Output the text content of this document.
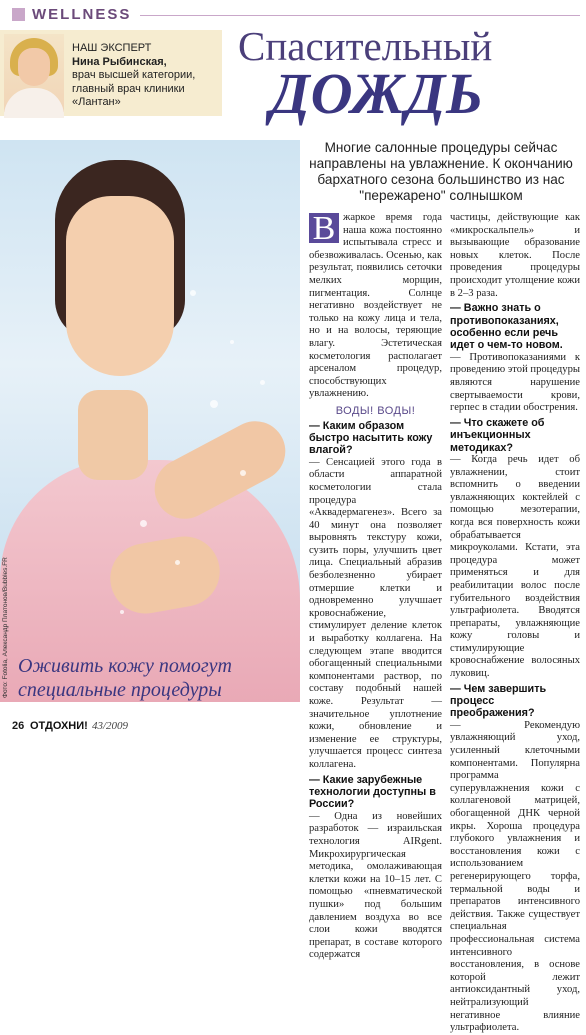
WELLNESS
НАШ ЭКСПЕРТ
Нина Рыбинская,
врач высшей категории, главный врач клиники «Лантан»
Спасительный
ДОЖДЬ
Многие салонные процедуры сейчас направлены на увлажнение. К окончанию бархатного сезона большинство из нас "пережарено" солнышком
Фото: Fotolia, Александр Платонов/Bubbles.FR Оживить кожу помогут специальные процедуры
В жаркое время года наша кожа постоянно испытывала стресс и обезвоживалась. Осенью, как результат, появились сеточки мелких морщин, пигментация. Солнце негативно воздействует не только на кожу лица и тела, но и на волосы, теряющие влагу. Эстетическая косметология располагает арсеналом процедур, способствующих увлажнению.

ВОДЫ! ВОДЫ!
— Каким образом быстро насытить кожу влагой?

— Сенсацией этого года в области аппаратной косметологии стала процедура «Аквадермагенез». Всего за 40 минут она позволяет выровнять текстуру кожи, сузить поры, улучшить цвет лица. Специальный абразив безболезненно убирает отмершие клетки и одновременно улучшает кровоснабжение, стимулирует деление клеток и выработку коллагена. На следующем этапе вводится обогащенный специальными компонентами раствор, по составу подобный нашей коже. Результат — значительное уплотнение кожи, обновление и изменение ее структуры, улучшается процесс синтеза коллагена.

— Какие зарубежные технологии доступны в России?

— Одна из новейших разработок — израильская технология AIRgent. Микрохирургическая методика, омолаживающая клетки кожи на 10–15 лет. С помощью «пневматической пушки» под большим давлением воздуха во все слои кожи вводятся препарат, в составе которого содержатся

частицы, действующие как «микроскальпель» и вызывающие образование новых клеток. После проведения процедуры происходит утолщение кожи в 2–3 раза.

— Важно знать о противопоказаниях, особенно если речь идет о чем-то новом.

— Противопоказаниями к проведению этой процедуры являются нарушение свертываемости крови, герпес в стадии обострения.

— Что скажете об инъекционных методиках?

— Когда речь идет об увлажнении, стоит вспомнить о введении увлажняющих коктейлей с помощью мезотерапии, когда вся поверхность кожи обрабатывается микроуколами. Кстати, эта процедура может применяться и для реабилитации волос после губительного воздействия ультрафиолета. Вводятся препараты, увлажняющие кожу головы и стимулирующие кровоснабжение волосяных луковиц.

— Чем завершить процесс преображения?

— Рекомендую увлажняющий уход, усиленный клеточными компонентами. Популярна программа суперувлажнения кожи с коллагеновой матрицей, обогащенной ДНК черной икры. Хороша процедура глубокого увлажнения и восстановления кожи с использованием регенерирующего торфа, термальной воды и препаратов интенсивного действия. Также существует специальная профессиональная система интенсивного восстановления, в основе которой лежит антиоксидантный уход, нейтрализующий негативное влияние ультрафиолета.

26 ОТДОХНИ! 43/2009
